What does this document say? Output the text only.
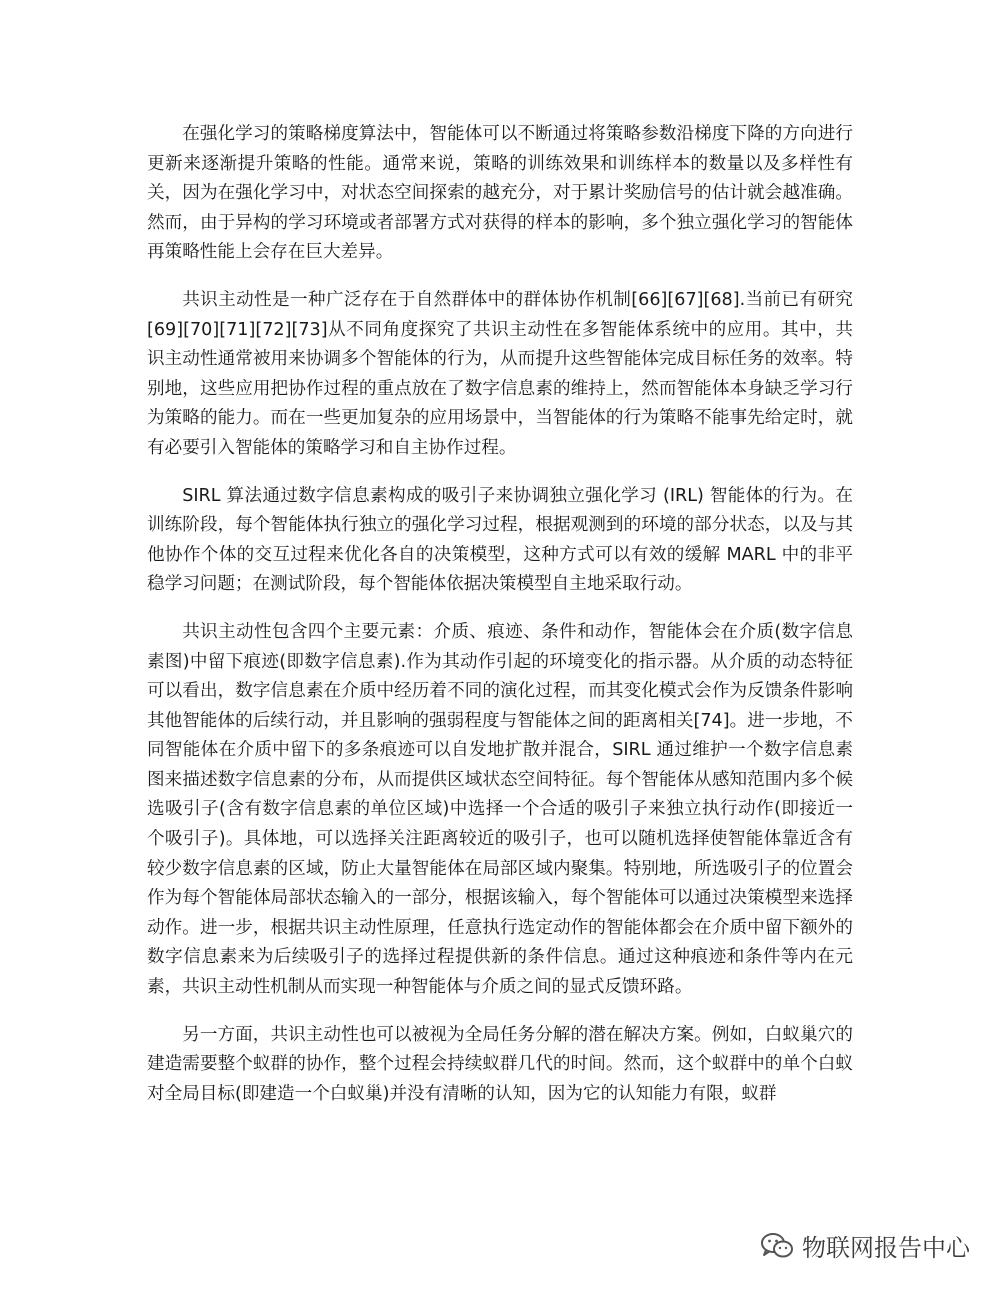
在强化学习的策略梯度算法中，智能体可以不断通过将策略参数沿梯度下降的方向进行更新来逐渐提升策略的性能。通常来说，策略的训练效果和训练样本的数量以及多样性有关，因为在强化学习中，对状态空间探索的越充分，对于累计奖励信号的估计就会越准确。然而，由于异构的学习环境或者部署方式对获得的样本的影响，多个独立强化学习的智能体再策略性能上会存在巨大差异。

共识主动性是一种广泛存在于自然群体中的群体协作机制[66][67][68].当前已有研究[69][70][71][72][73]从不同角度探究了共识主动性在多智能体系统中的应用。其中，共识主动性通常被用来协调多个智能体的行为，从而提升这些智能体完成目标任务的效率。特别地，这些应用把协作过程的重点放在了数字信息素的维持上，然而智能体本身缺乏学习行为策略的能力。而在一些更加复杂的应用场景中，当智能体的行为策略不能事先给定时，就有必要引入智能体的策略学习和自主协作过程。

SIRL 算法通过数字信息素构成的吸引子来协调独立强化学习 (IRL) 智能体的行为。在训练阶段，每个智能体执行独立的强化学习过程，根据观测到的环境的部分状态，以及与其他协作个体的交互过程来优化各自的决策模型，这种方式可以有效的缓解 MARL 中的非平稳学习问题；在测试阶段，每个智能体依据决策模型自主地采取行动。

共识主动性包含四个主要元素：介质、痕迹、条件和动作，智能体会在介质(数字信息素图)中留下痕迹(即数字信息素).作为其动作引起的环境变化的指示器。从介质的动态特征可以看出，数字信息素在介质中经历着不同的演化过程，而其变化模式会作为反馈条件影响其他智能体的后续行动，并且影响的强弱程度与智能体之间的距离相关[74]。进一步地，不同智能体在介质中留下的多条痕迹可以自发地扩散并混合，SIRL 通过维护一个数字信息素图来描述数字信息素的分布，从而提供区域状态空间特征。每个智能体从感知范围内多个候选吸引子(含有数字信息素的单位区域)中选择一个合适的吸引子来独立执行动作(即接近一个吸引子)。具体地，可以选择关注距离较近的吸引子，也可以随机选择使智能体靠近含有较少数字信息素的区域，防止大量智能体在局部区域内聚集。特别地，所选吸引子的位置会作为每个智能体局部状态输入的一部分，根据该输入，每个智能体可以通过决策模型来选择动作。进一步，根据共识主动性原理，任意执行选定动作的智能体都会在介质中留下额外的数字信息素来为后续吸引子的选择过程提供新的条件信息。通过这种痕迹和条件等内在元素，共识主动性机制从而实现一种智能体与介质之间的显式反馈环路。

另一方面，共识主动性也可以被视为全局任务分解的潜在解决方案。例如，白蚁巢穴的建造需要整个蚁群的协作，整个过程会持续蚁群几代的时间。然而，这个蚁群中的单个白蚁对全局目标(即建造一个白蚁巢)并没有清晰的认知，因为它的认知能力有限，蚁群

物联网报告中心
